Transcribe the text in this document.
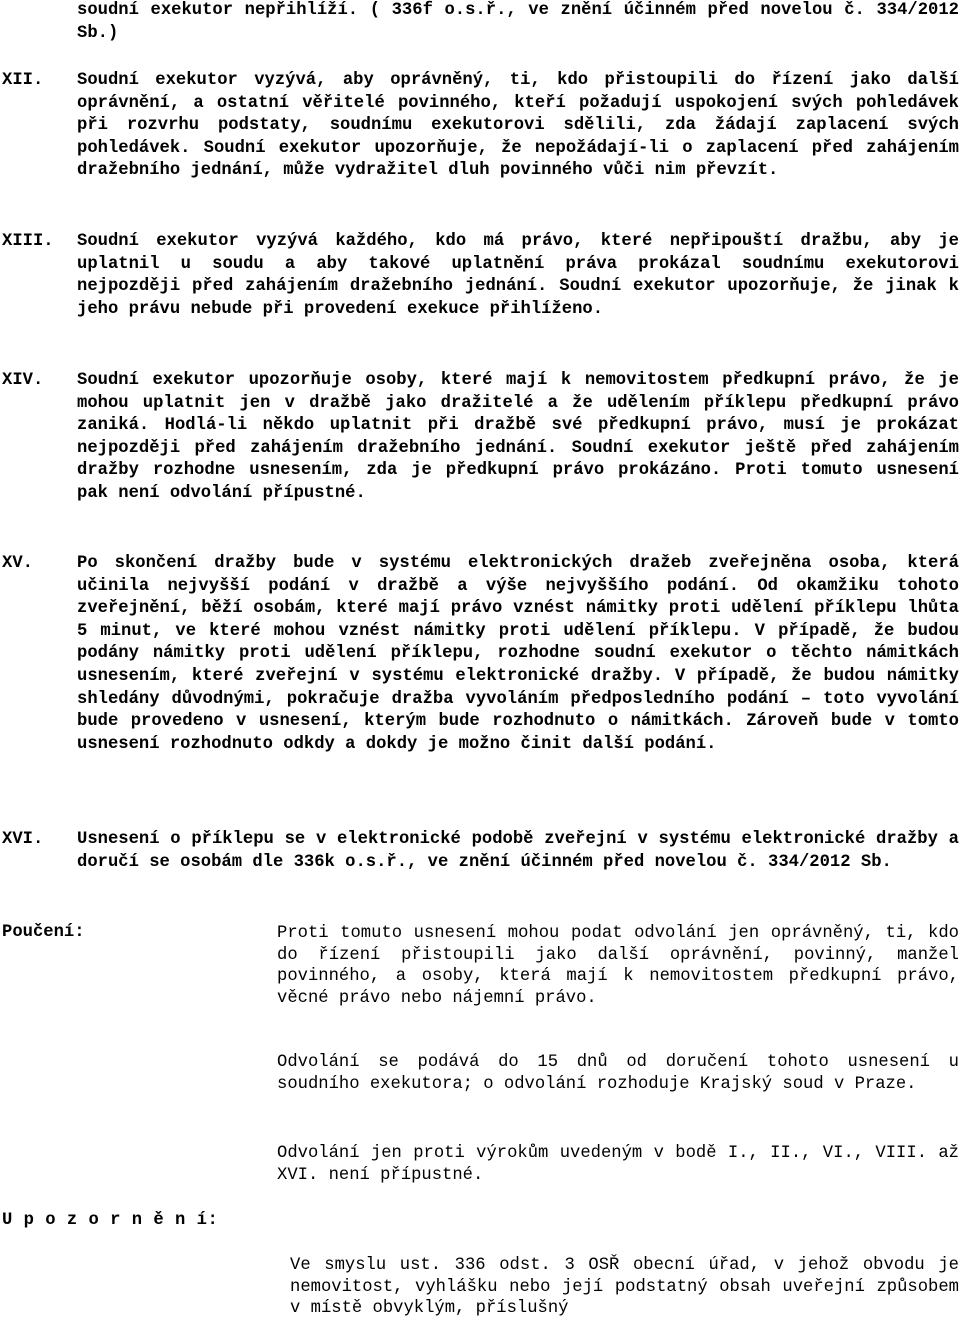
soudní exekutor nepřihlíží. ( 336f o.s.ř., ve znění účinném před novelou č. 334/2012 Sb.)

XII. Soudní exekutor vyzývá, aby oprávněný, ti, kdo přistoupili do řízení jako další oprávnění, a ostatní věřitelé povinného, kteří požadují uspokojení svých pohledávek při rozvrhu podstaty, soudnímu exekutorovi sdělili, zda žádají zaplacení svých pohledávek. Soudní exekutor upozorňuje, že nepožádají-li o zaplacení před zahájením dražebního jednání, může vydražitel dluh povinného vůči nim převzít.

XIII. Soudní exekutor vyzývá každého, kdo má právo, které nepřipouští dražbu, aby je uplatnil u soudu a aby takové uplatnění práva prokázal soudnímu exekutorovi nejpozději před zahájením dražebního jednání. Soudní exekutor upozorňuje, že jinak k jeho právu nebude při provedení exekuce přihlíženo.

XIV. Soudní exekutor upozorňuje osoby, které mají k nemovitostem předkupní právo, že je mohou uplatnit jen v dražbě jako dražitelé a že udělením příklepu předkupní právo zaniká. Hodlá-li někdo uplatnit při dražbě své předkupní právo, musí je prokázat nejpozději před zahájením dražebního jednání. Soudní exekutor ještě před zahájením dražby rozhodne usnesením, zda je předkupní právo prokázáno. Proti tomuto usnesení pak není odvolání přípustné.

XV.	Po skončení dražby bude v systému elektronických dražeb zveřejněna osoba, která učinila nejvyšší podání v dražbě a výše nejvyššího podání. Od okamžiku tohoto zveřejnění, běží osobám, které mají právo vznést námitky proti udělení příklepu lhůta 5 minut, ve které mohou vznést námitky proti udělení příklepu. V případě, že budou podány námitky proti udělení příklepu, rozhodne soudní exekutor o těchto námitkách usnesením, které zveřejní v systému elektronické dražby. V případě, že budou námitky shledány důvodnými, pokračuje dražba vyvoláním předposledního podání – toto vyvolání bude provedeno v usnesení, kterým bude rozhodnuto o námitkách. Zároveň bude v tomto usnesení rozhodnuto odkdy a dokdy je možno činit další podání.

XVI. Usnesení o příklepu se v elektronické podobě zveřejní v systému elektronické dražby a doručí se osobám dle 336k o.s.ř., ve znění účinném před novelou č. 334/2012 Sb.

Poučení:	Proti tomuto usnesení mohou podat odvolání jen oprávněný, ti, kdo do řízení přistoupili jako další oprávnění, povinný, manžel povinného, a osoby, která mají k nemovitostem předkupní právo, věcné právo nebo nájemní právo.

Odvolání se podává do 15 dnů od doručení tohoto usnesení u soudního exekutora; o odvolání rozhoduje Krajský soud v Praze.

Odvolání jen proti výrokům uvedeným v bodě I., II., VI., VIII. až XVI. není přípustné.

U p o z o r n ě n í:

Ve smyslu ust. 336 odst. 3 OSŘ obecní úřad, v jehož obvodu je nemovitost, vyhlášku nebo její podstatný obsah uveřejní způsobem v místě obvyklým, příslušný
